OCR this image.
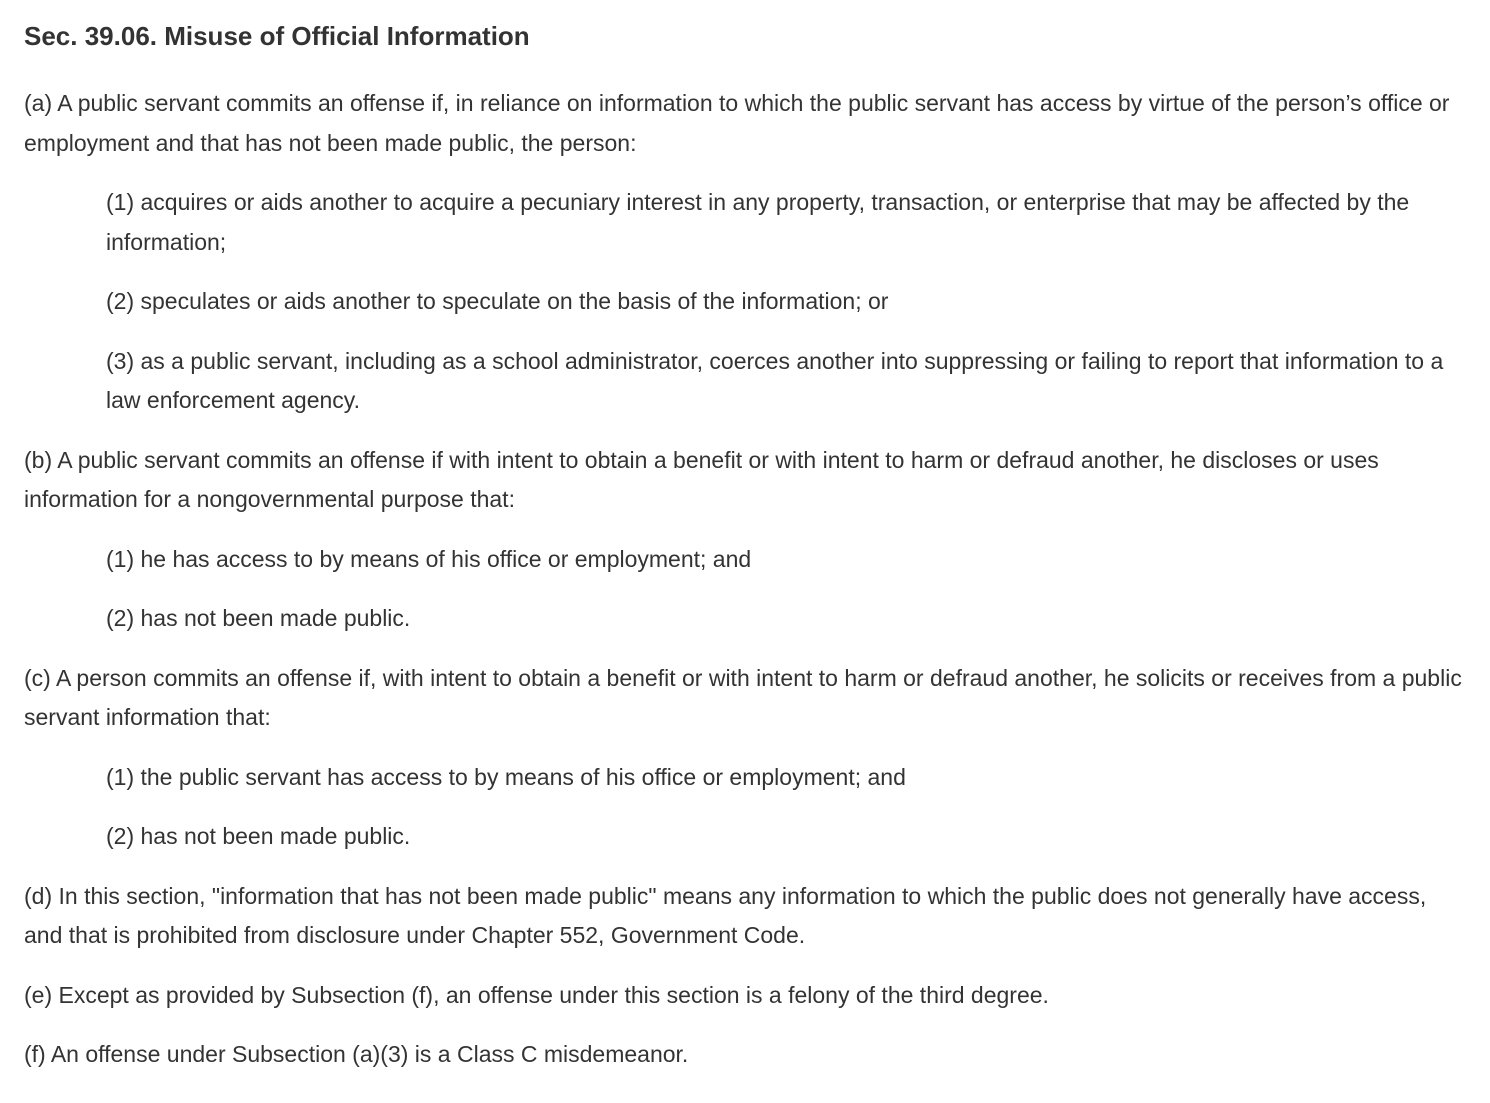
Sec. 39.06. Misuse of Official Information

(a) A public servant commits an offense if, in reliance on information to which the public servant has access by virtue of the person’s office or employment and that has not been made public, the person:

(1) acquires or aids another to acquire a pecuniary interest in any property, transaction, or enterprise that may be affected by the information;

(2) speculates or aids another to speculate on the basis of the information; or

(3) as a public servant, including as a school administrator, coerces another into suppressing or failing to report that information to a law enforcement agency.

(b) A public servant commits an offense if with intent to obtain a benefit or with intent to harm or defraud another, he discloses or uses information for a nongovernmental purpose that:

(1) he has access to by means of his office or employment; and

(2) has not been made public.

(c) A person commits an offense if, with intent to obtain a benefit or with intent to harm or defraud another, he solicits or receives from a public servant information that:

(1) the public servant has access to by means of his office or employment; and

(2) has not been made public.

(d) In this section, "information that has not been made public" means any information to which the public does not generally have access, and that is prohibited from disclosure under Chapter 552, Government Code.

(e) Except as provided by Subsection (f), an offense under this section is a felony of the third degree.

(f) An offense under Subsection (a)(3) is a Class C misdemeanor.
